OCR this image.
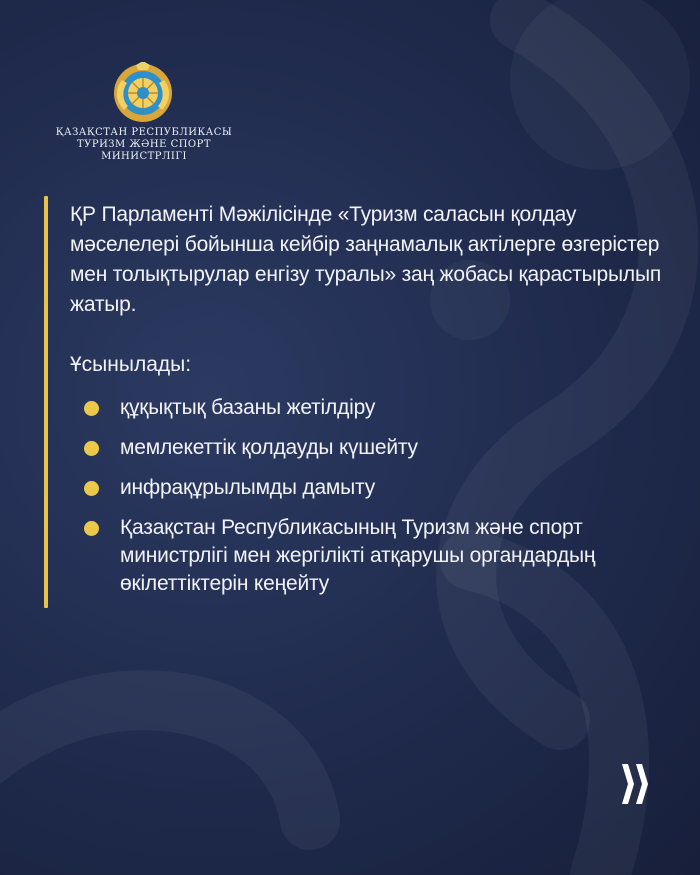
ҚАЗАҚСТАН РЕСПУБЛИКАСЫ
ТУРИЗМ ЖӘНЕ СПОРТ МИНИСТРЛІГІ

ҚР Парламенті Мәжілісінде «Туризм саласын қолдау мәселелері бойынша кейбір заңнамалық актілерге өзгерістер мен толықтырулар енгізу туралы» заң жобасы қарастырылып жатыр.

Ұсынылады:
құқықтық базаны жетілдіру
мемлекеттік қолдауды күшейту
инфрақұрылымды дамыту
Қазақстан Республикасының Туризм және спорт министрлігі мен жергілікті атқарушы органдардың өкілеттіктерін кеңейту
